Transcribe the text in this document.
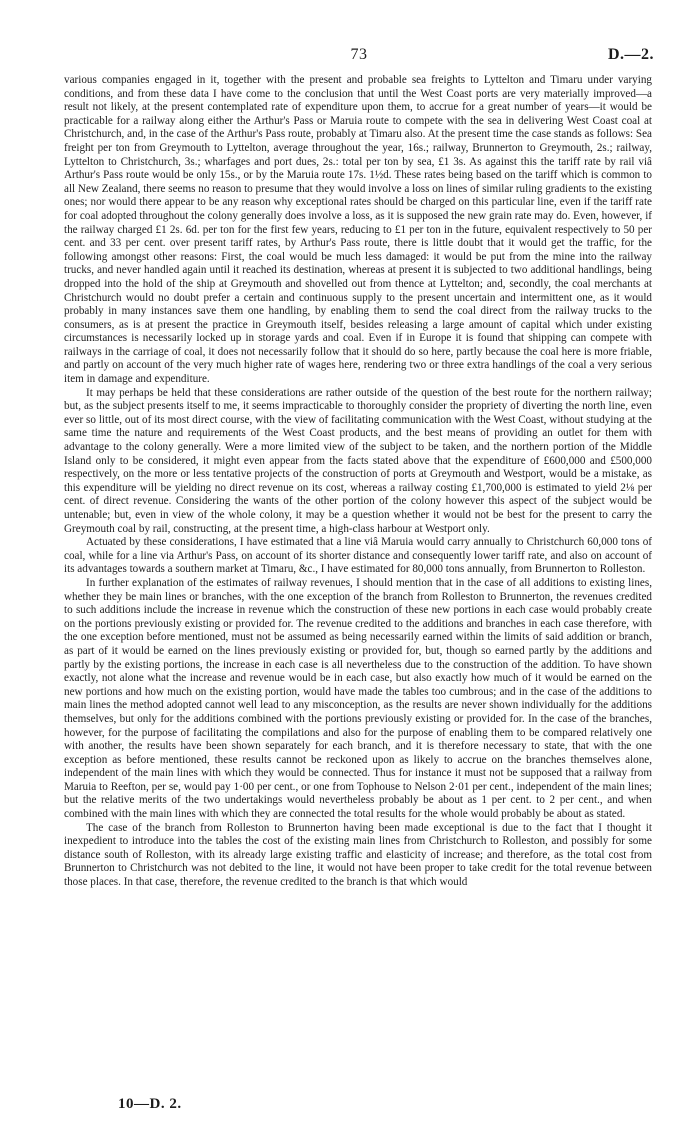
73	D.—2.

various companies engaged in it, together with the present and probable sea freights to Lyttelton and Timaru under varying conditions, and from these data I have come to the conclusion that until the West Coast ports are very materially improved—a result not likely, at the present contemplated rate of expenditure upon them, to accrue for a great number of years—it would be practicable for a railway along either the Arthur's Pass or Maruia route to compete with the sea in delivering West Coast coal at Christchurch, and, in the case of the Arthur's Pass route, probably at Timaru also. At the present time the case stands as follows: Sea freight per ton from Greymouth to Lyttelton, average throughout the year, 16s.; railway, Brunnerton to Greymouth, 2s.; railway, Lyttelton to Christchurch, 3s.; wharfages and port dues, 2s.: total per ton by sea, £1 3s. As against this the tariff rate by rail viâ Arthur's Pass route would be only 15s., or by the Maruia route 17s. 1½d. These rates being based on the tariff which is common to all New Zealand, there seems no reason to presume that they would involve a loss on lines of similar ruling gradients to the existing ones; nor would there appear to be any reason why exceptional rates should be charged on this particular line, even if the tariff rate for coal adopted throughout the colony generally does involve a loss, as it is supposed the new grain rate may do. Even, however, if the railway charged £1 2s. 6d. per ton for the first few years, reducing to £1 per ton in the future, equivalent respectively to 50 per cent. and 33 per cent. over present tariff rates, by Arthur's Pass route, there is little doubt that it would get the traffic, for the following amongst other reasons: First, the coal would be much less damaged: it would be put from the mine into the railway trucks, and never handled again until it reached its destination, whereas at present it is subjected to two additional handlings, being dropped into the hold of the ship at Greymouth and shovelled out from thence at Lyttelton; and, secondly, the coal merchants at Christchurch would no doubt prefer a certain and continuous supply to the present uncertain and intermittent one, as it would probably in many instances save them one handling, by enabling them to send the coal direct from the railway trucks to the consumers, as is at present the practice in Greymouth itself, besides releasing a large amount of capital which under existing circumstances is necessarily locked up in storage yards and coal. Even if in Europe it is found that shipping can compete with railways in the carriage of coal, it does not necessarily follow that it should do so here, partly because the coal here is more friable, and partly on account of the very much higher rate of wages here, rendering two or three extra handlings of the coal a very serious item in damage and expenditure.

It may perhaps be held that these considerations are rather outside of the question of the best route for the northern railway; but, as the subject presents itself to me, it seems impracticable to thoroughly consider the propriety of diverting the north line, even ever so little, out of its most direct course, with the view of facilitating communication with the West Coast, without studying at the same time the nature and requirements of the West Coast products, and the best means of providing an outlet for them with advantage to the colony generally. Were a more limited view of the subject to be taken, and the northern portion of the Middle Island only to be considered, it might even appear from the facts stated above that the expenditure of £600,000 and £500,000 respectively, on the more or less tentative projects of the construction of ports at Greymouth and Westport, would be a mistake, as this expenditure will be yielding no direct revenue on its cost, whereas a railway costing £1,700,000 is estimated to yield 2⅛ per cent. of direct revenue. Considering the wants of the other portion of the colony however this aspect of the subject would be untenable; but, even in view of the whole colony, it may be a question whether it would not be best for the present to carry the Greymouth coal by rail, constructing, at the present time, a high-class harbour at Westport only.

Actuated by these considerations, I have estimated that a line viâ Maruia would carry annually to Christchurch 60,000 tons of coal, while for a line via Arthur's Pass, on account of its shorter distance and consequently lower tariff rate, and also on account of its advantages towards a southern market at Timaru, &c., I have estimated for 80,000 tons annually, from Brunnerton to Rolleston.

In further explanation of the estimates of railway revenues, I should mention that in the case of all additions to existing lines, whether they be main lines or branches, with the one exception of the branch from Rolleston to Brunnerton, the revenues credited to such additions include the increase in revenue which the construction of these new portions in each case would probably create on the portions previously existing or provided for. The revenue credited to the additions and branches in each case therefore, with the one exception before mentioned, must not be assumed as being necessarily earned within the limits of said addition or branch, as part of it would be earned on the lines previously existing or provided for, but, though so earned partly by the additions and partly by the existing portions, the increase in each case is all nevertheless due to the construction of the addition. To have shown exactly, not alone what the increase and revenue would be in each case, but also exactly how much of it would be earned on the new portions and how much on the existing portion, would have made the tables too cumbrous; and in the case of the additions to main lines the method adopted cannot well lead to any misconception, as the results are never shown individually for the additions themselves, but only for the additions combined with the portions previously existing or provided for. In the case of the branches, however, for the purpose of facilitating the compilations and also for the purpose of enabling them to be compared relatively one with another, the results have been shown separately for each branch, and it is therefore necessary to state, that with the one exception as before mentioned, these results cannot be reckoned upon as likely to accrue on the branches themselves alone, independent of the main lines with which they would be connected. Thus for instance it must not be supposed that a railway from Maruia to Reefton, per se, would pay 1·00 per cent., or one from Tophouse to Nelson 2·01 per cent., independent of the main lines; but the relative merits of the two undertakings would nevertheless probably be about as 1 per cent. to 2 per cent., and when combined with the main lines with which they are connected the total results for the whole would probably be about as stated.

The case of the branch from Rolleston to Brunnerton having been made exceptional is due to the fact that I thought it inexpedient to introduce into the tables the cost of the existing main lines from Christchurch to Rolleston, and possibly for some distance south of Rolleston, with its already large existing traffic and elasticity of increase; and therefore, as the total cost from Brunnerton to Christchurch was not debited to the line, it would not have been proper to take credit for the total revenue between those places. In that case, therefore, the revenue credited to the branch is that which would

10—D. 2.
